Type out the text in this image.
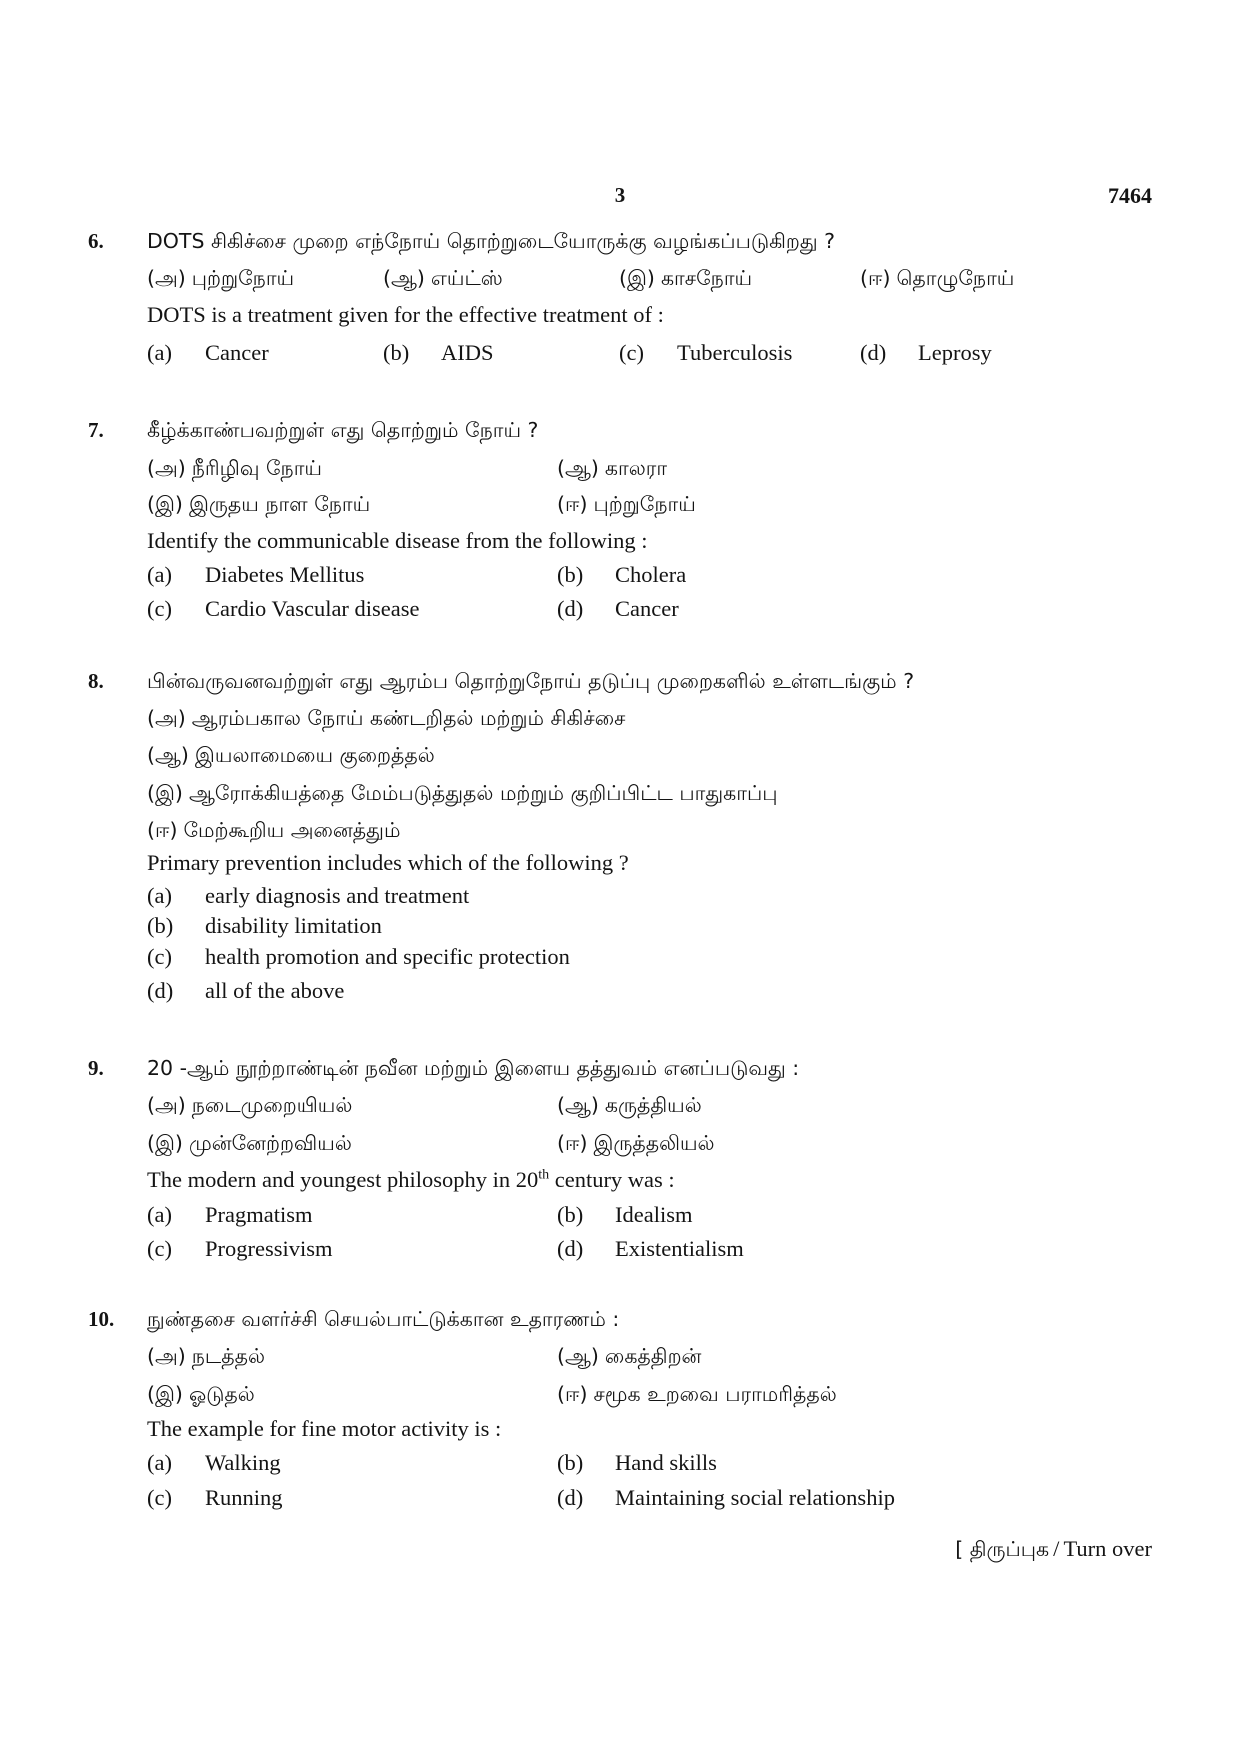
3	7464
6. DOTS சிகிச்சை முறை எந்நோய் தொற்றுடையோருக்கு வழங்கப்படுகிறது ?
(அ) புற்றுநோய்	(ஆ) எய்ட்ஸ்	(இ) காசநோய்	(ஈ) தொழுநோய்
DOTS is a treatment given for the effective treatment of :
(a) Cancer	(b) AIDS	(c) Tuberculosis	(d) Leprosy
7. கீழ்க்காண்பவற்றுள் எது தொற்றும் நோய் ?
(அ) நீரிழிவு நோய்	(ஆ) காலரா
(இ) இருதய நாள நோய்	(ஈ) புற்றுநோய்
Identify the communicable disease from the following :
(a) Diabetes Mellitus	(b) Cholera
(c) Cardio Vascular disease	(d) Cancer
8. பின்வருவனவற்றுள் எது ஆரம்ப தொற்றுநோய் தடுப்பு முறைகளில் உள்ளடங்கும் ?
(அ) ஆரம்பகால நோய் கண்டறிதல் மற்றும் சிகிச்சை
(ஆ) இயலாமையை குறைத்தல்
(இ) ஆரோக்கியத்தை மேம்படுத்துதல் மற்றும் குறிப்பிட்ட பாதுகாப்பு
(ஈ) மேற்கூறிய அனைத்தும்
Primary prevention includes which of the following ?
(a) early diagnosis and treatment
(b) disability limitation
(c) health promotion and specific protection
(d) all of the above
9. 20 -ஆம் நூற்றாண்டின் நவீன மற்றும் இளைய தத்துவம் எனப்படுவது :
(அ) நடைமுறையியல்	(ஆ) கருத்தியல்
(இ) முன்னேற்றவியல்	(ஈ) இருத்தலியல்
The modern and youngest philosophy in 20th century was :
(a) Pragmatism	(b) Idealism
(c) Progressivism	(d) Existentialism
10. நுண்தசை வளர்ச்சி செயல்பாட்டுக்கான உதாரணம் :
(அ) நடத்தல்	(ஆ) கைத்திறன்
(இ) ஓடுதல்	(ஈ) சமூக உறவை பராமரித்தல்
The example for fine motor activity is :
(a) Walking	(b) Hand skills
(c) Running	(d) Maintaining social relationship
[ திருப்புக / Turn over
